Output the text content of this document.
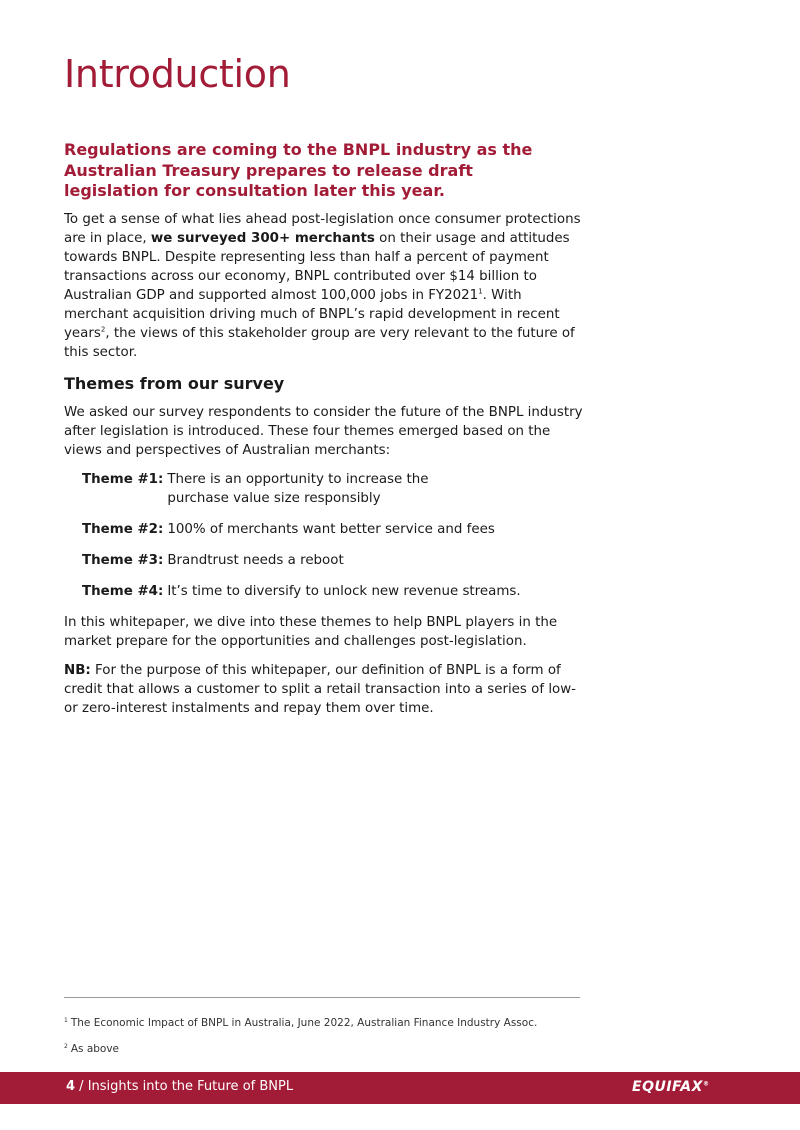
Introduction

Regulations are coming to the BNPL industry as the Australian Treasury prepares to release draft legislation for consultation later this year.

To get a sense of what lies ahead post-legislation once consumer protections are in place, we surveyed 300+ merchants on their usage and attitudes towards BNPL. Despite representing less than half a percent of payment transactions across our economy, BNPL contributed over $14 billion to Australian GDP and supported almost 100,000 jobs in FY2021$^1$. With merchant acquisition driving much of BNPL’s rapid development in recent years$^2$, the views of this stakeholder group are very relevant to the future of this sector.

Themes from our survey

We asked our survey respondents to consider the future of the BNPL industry after legislation is introduced. These four themes emerged based on the views and perspectives of Australian merchants:

Theme #1: There is an opportunity to increase the purchase value size responsibly
Theme #2: 100% of merchants want better service and fees
Theme #3: Brandtrust needs a reboot
Theme #4: It’s time to diversify to unlock new revenue streams.

In this whitepaper, we dive into these themes to help BNPL players in the market prepare for the opportunities and challenges post-legislation.

NB: For the purpose of this whitepaper, our definition of BNPL is a form of credit that allows a customer to split a retail transaction into a series of low- or zero-interest instalments and repay them over time.

$^1$ The Economic Impact of BNPL in Australia, June 2022, Australian Finance Industry Assoc.
$^2$ As above
4 / Insights into the Future of BNPL	EQUIFAX®
